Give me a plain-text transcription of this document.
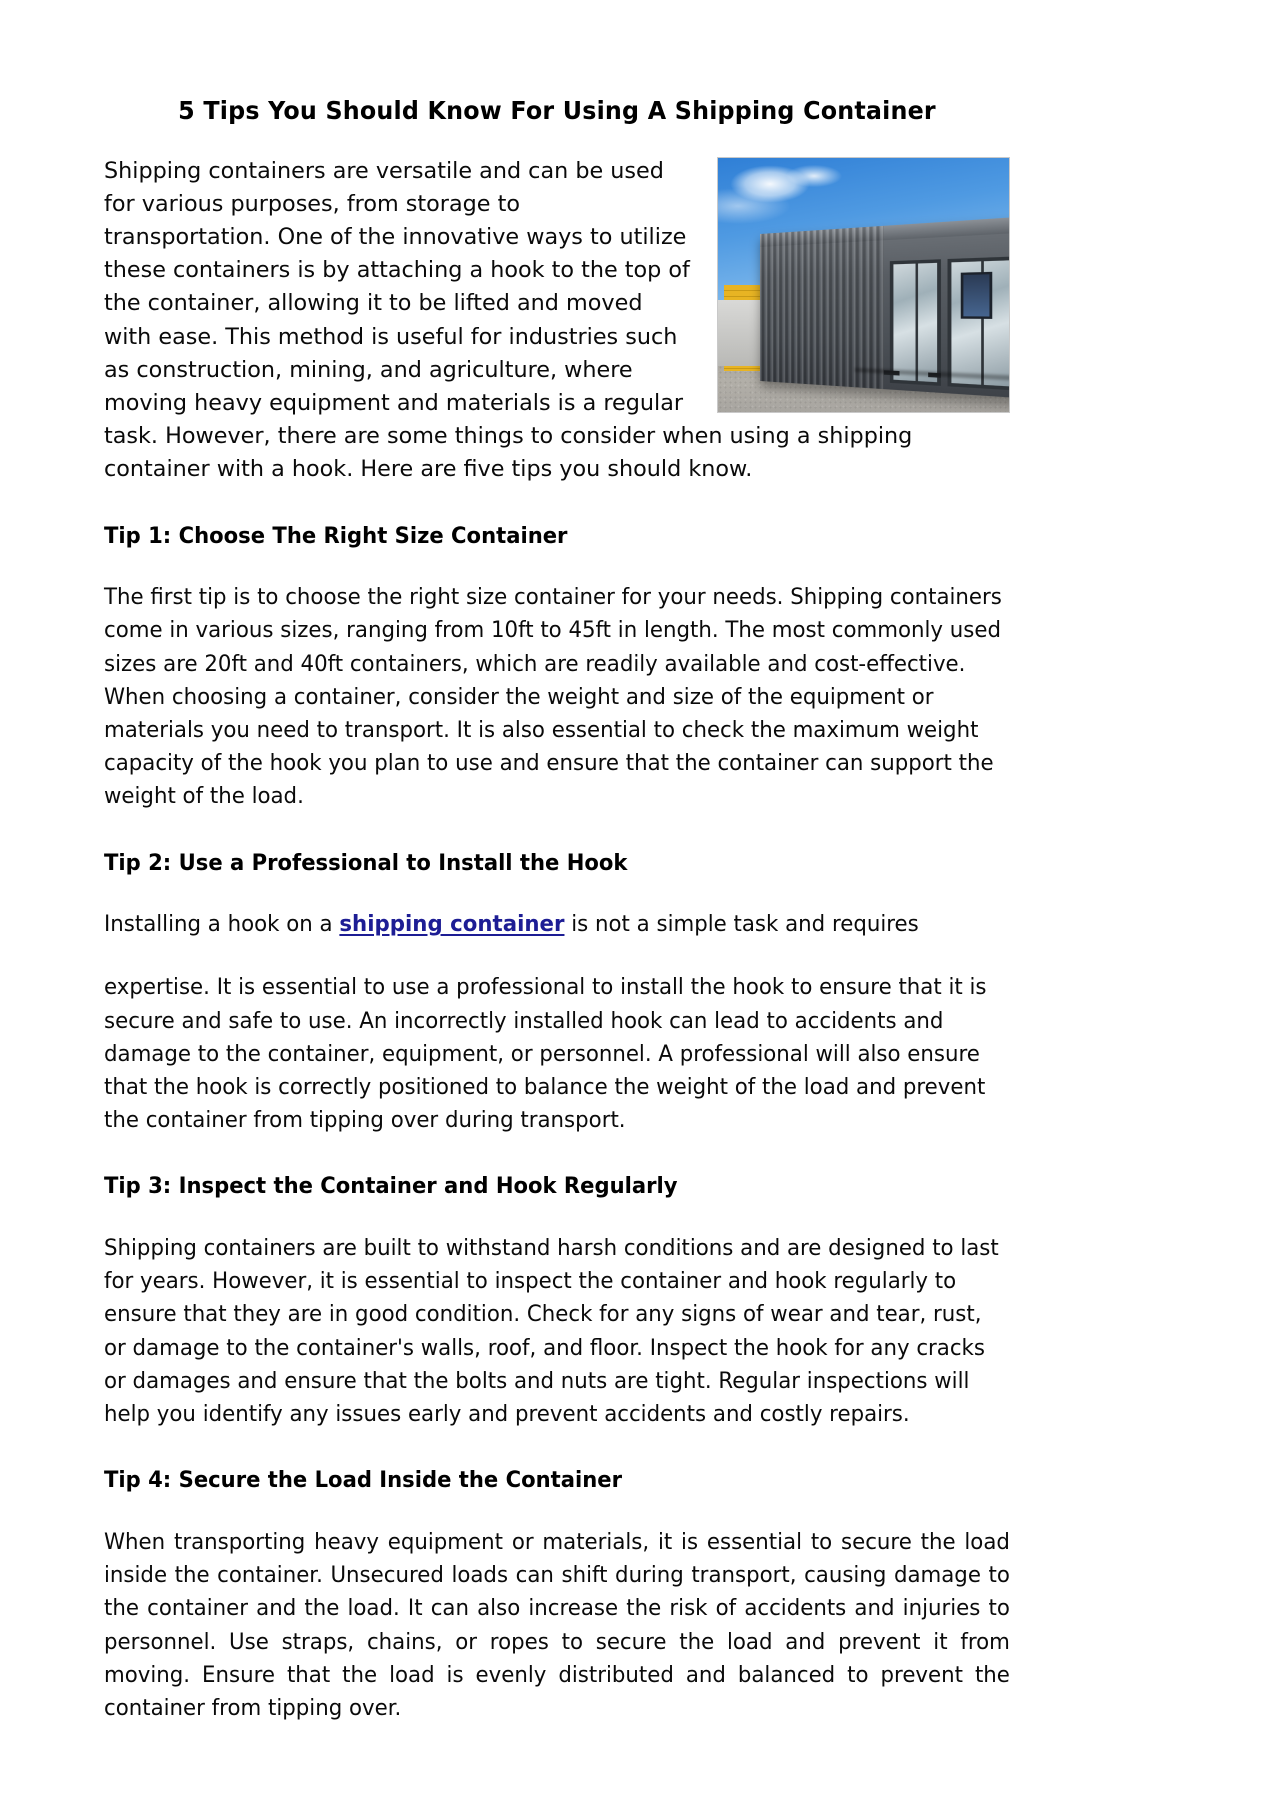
5 Tips You Should Know For Using A Shipping Container

Shipping containers are versatile and can be used for various purposes, from storage to transportation. One of the innovative ways to utilize these containers is by attaching a hook to the top of the container, allowing it to be lifted and moved with ease. This method is useful for industries such as construction, mining, and agriculture, where moving heavy equipment and materials is a regular task. However, there are some things to consider when using a shipping container with a hook. Here are five tips you should know.

Tip 1: Choose The Right Size Container

The first tip is to choose the right size container for your needs. Shipping containers come in various sizes, ranging from 10ft to 45ft in length. The most commonly used sizes are 20ft and 40ft containers, which are readily available and cost-effective. When choosing a container, consider the weight and size of the equipment or materials you need to transport. It is also essential to check the maximum weight capacity of the hook you plan to use and ensure that the container can support the weight of the load.

Tip 2: Use a Professional to Install the Hook

Installing a hook on a shipping container is not a simple task and requires

expertise. It is essential to use a professional to install the hook to ensure that it is secure and safe to use. An incorrectly installed hook can lead to accidents and damage to the container, equipment, or personnel. A professional will also ensure that the hook is correctly positioned to balance the weight of the load and prevent the container from tipping over during transport.

Tip 3: Inspect the Container and Hook Regularly

Shipping containers are built to withstand harsh conditions and are designed to last for years. However, it is essential to inspect the container and hook regularly to ensure that they are in good condition. Check for any signs of wear and tear, rust, or damage to the container's walls, roof, and floor. Inspect the hook for any cracks or damages and ensure that the bolts and nuts are tight. Regular inspections will help you identify any issues early and prevent accidents and costly repairs.

Tip 4: Secure the Load Inside the Container

When transporting heavy equipment or materials, it is essential to secure the load inside the container. Unsecured loads can shift during transport, causing damage to the container and the load. It can also increase the risk of accidents and injuries to personnel. Use straps, chains, or ropes to secure the load and prevent it from moving. Ensure that the load is evenly distributed and balanced to prevent the container from tipping over.
